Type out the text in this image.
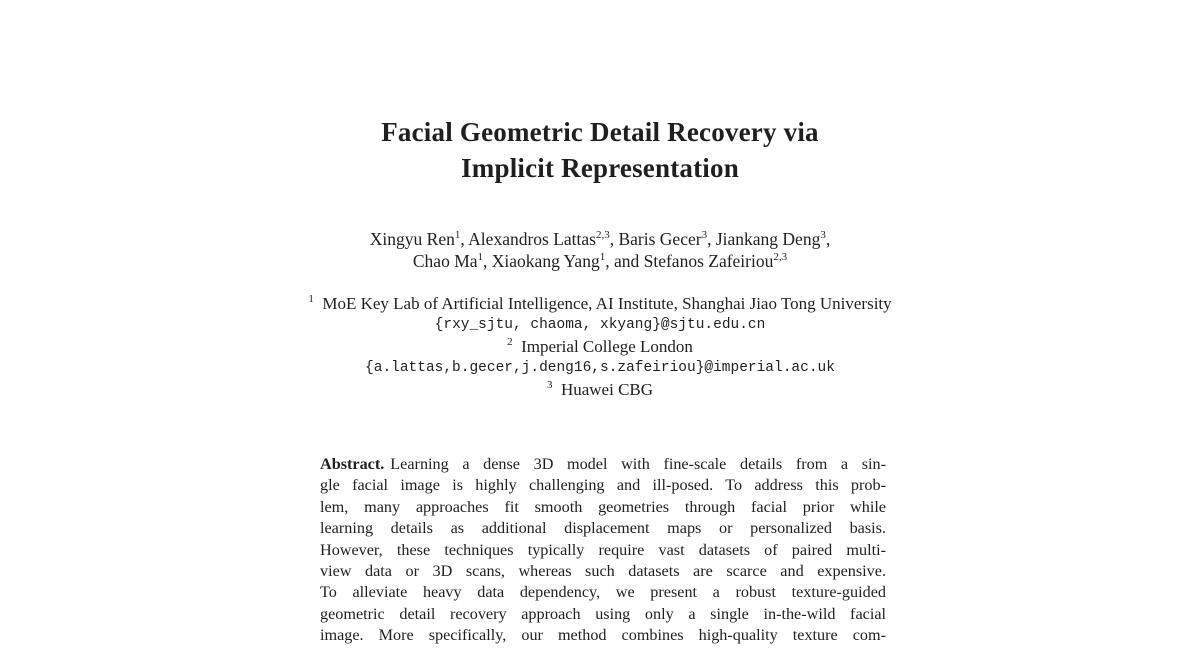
Facial Geometric Detail Recovery via
Implicit Representation
Xingyu Ren$^1$, Alexandros Lattas$^{2,3}$, Baris Gecer$^3$, Jiankang Deng$^3$,
Chao Ma$^1$, Xiaokang Yang$^1$, and Stefanos Zafeiriou$^{2,3}$
$^1$ MoE Key Lab of Artificial Intelligence, AI Institute, Shanghai Jiao Tong University
{rxy_sjtu, chaoma, xkyang}@sjtu.edu.cn
$^2$ Imperial College London
{a.lattas,b.gecer,j.deng16,s.zafeiriou}@imperial.ac.uk
$^3$ Huawei CBG
Abstract. Learning a dense 3D model with fine-scale details from a sin-
gle facial image is highly challenging and ill-posed. To address this prob-
lem, many approaches fit smooth geometries through facial prior while
learning details as additional displacement maps or personalized basis.
However, these techniques typically require vast datasets of paired multi-
view data or 3D scans, whereas such datasets are scarce and expensive.
To alleviate heavy data dependency, we present a robust texture-guided
geometric detail recovery approach using only a single in-the-wild facial
image. More specifically, our method combines high-quality texture com-
